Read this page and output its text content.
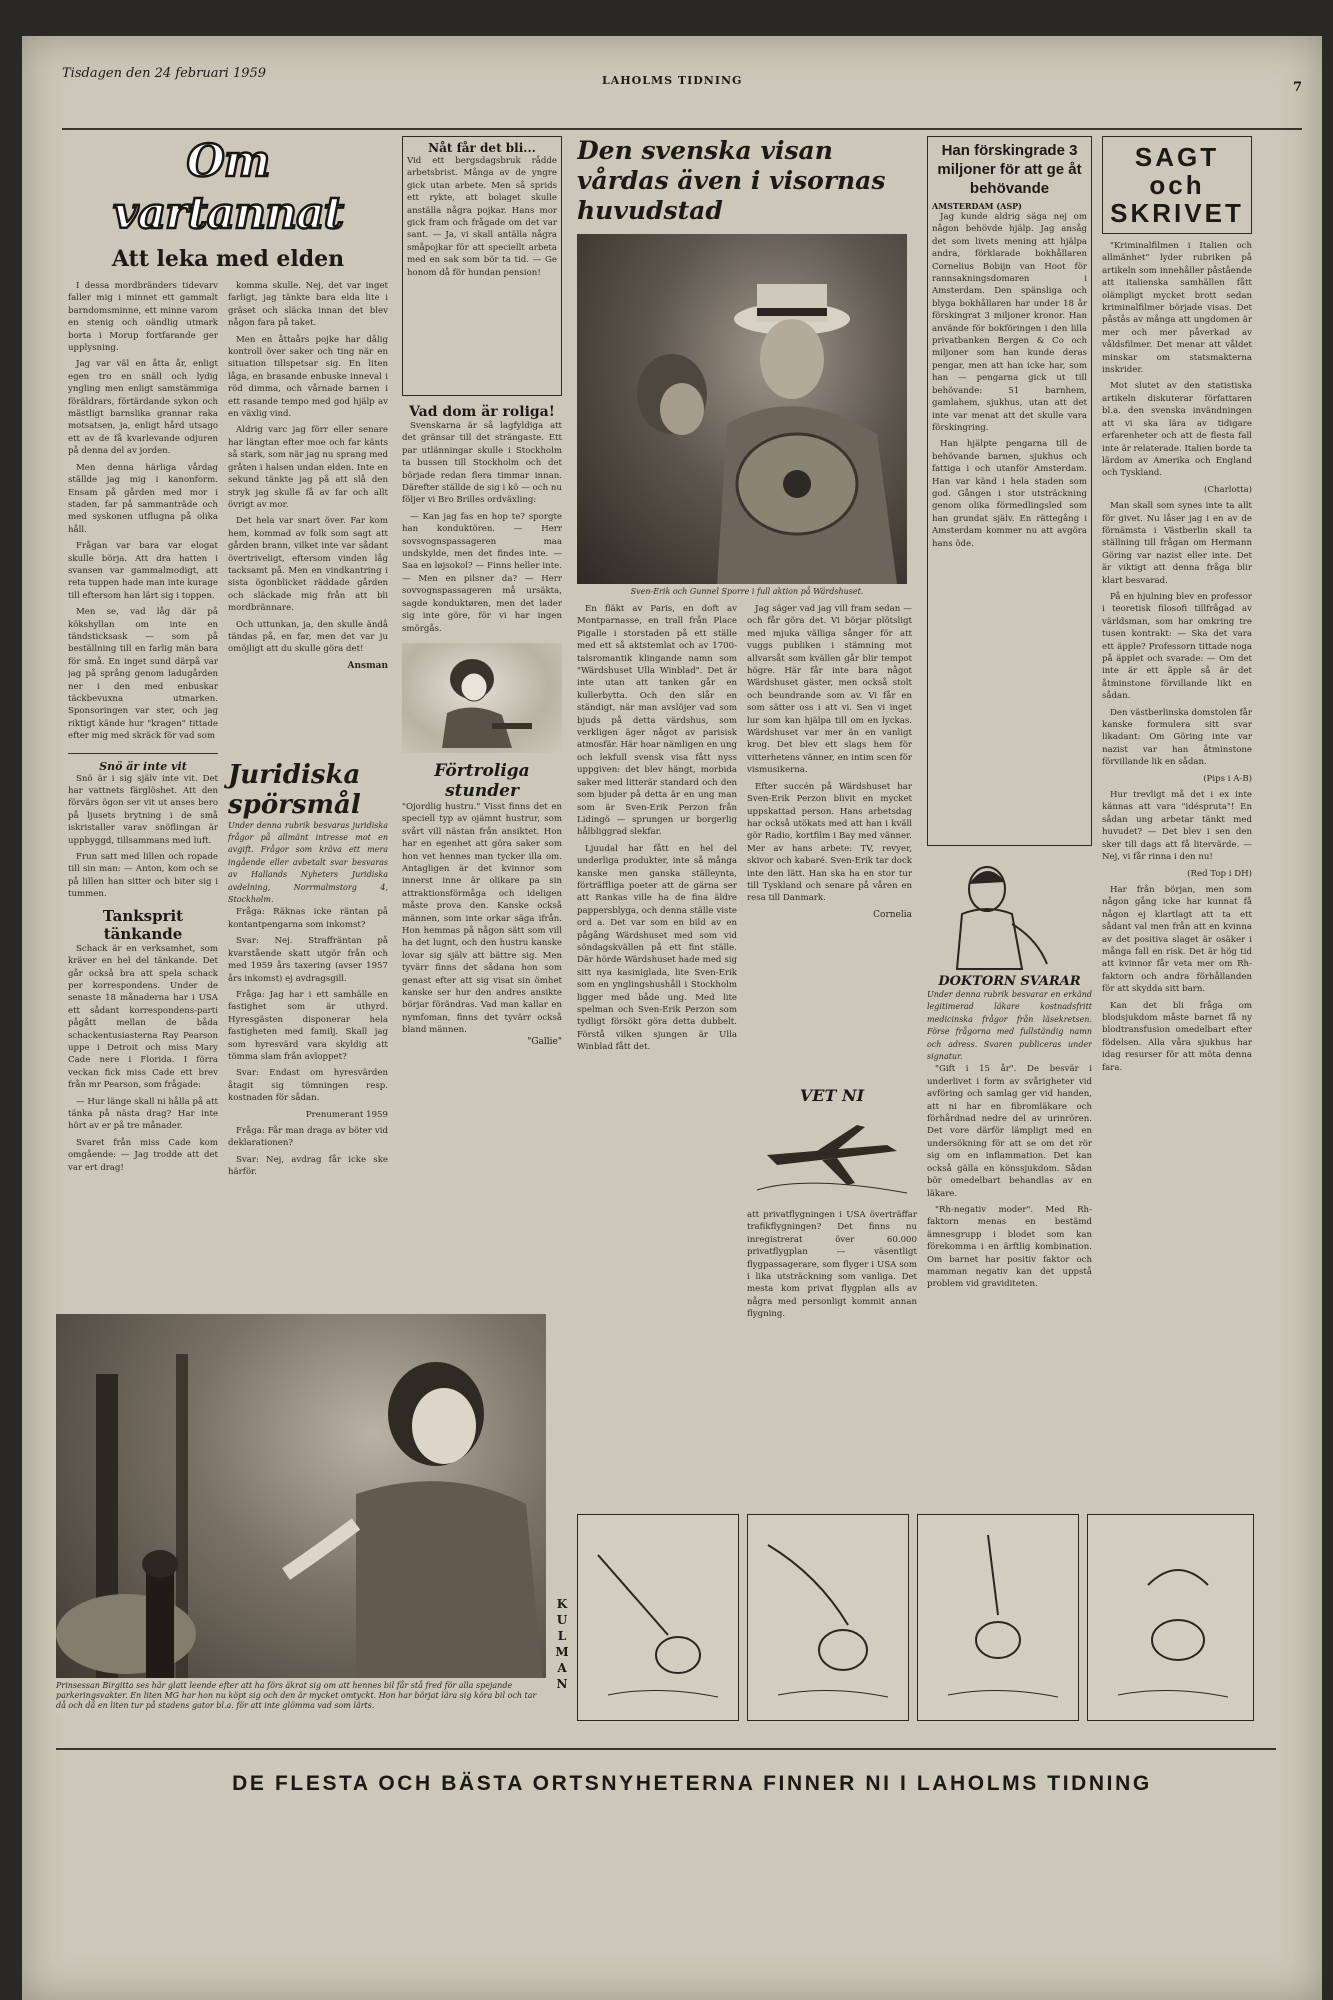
Tisdagen den 24 februari 1959	LAHOLMS TIDNING	7
Om vartannat
Att leka med elden

I dessa mordbränders tidevarv faller mig i minnet ett gammalt barndomsminne, ett minne varom en stenig och oändlig utmark borta i Morup fortfarande ger upplysning.

Jag var väl en åtta år, enligt egen tro en snäll och lydig yngling men enligt samstämmiga föräldrars, förtärdande sykon och mästligt barnslika grannar raka motsatsen, ja, enligt hård utsago ett av de få kvarlevande odjuren på denna del av jorden.

Men denna härliga vårdag ställde jag mig i kanonform. Ensam på gården med mor i staden, far på sammanträde och med syskonen utflugna på olika håll.

Frågan var bara var elogat skulle börja. Att dra hatten i svansen var gammalmodigt, att reta tuppen hade man inte kurage till eftersom han lärt sig i toppen.

Men se, vad låg där på kökshyllan om inte en tändsticksask — som på beställning till en farlig män bara för små. En inget sund därpå var jag på språng genom ladugården ner i den med enbuskar täckbevuxna utmarken. Sponsoringen var ster, och jag riktigt kände hur "kragen" tittade efter mig med skräck för vad som

komma skulle. Nej, det var inget farligt, jag tänkte bara elda lite i gräset och släcka innan det blev någon fara på taket.

Men en åttaårs pojke har dålig kontroll över saker och ting när en situation tillspetsar sig. En liten låga, en brasande enbuske inneval i röd dimma, och vårnade barnen i ett rasande tempo med god hjälp av en växlig vind.

Aldrig varc jag förr eller senare har längtan efter moe och far känts så stark, som när jag nu sprang med gråten i halsen undan elden. Inte en sekund tänkte jag på att slå den stryk jag skulle få av far och allt övrigt av mor.

Det hela var snart över. Far kom hem, kommad av folk som sagt att gården brann, vilket inte var sådant övertriveligt, eftersom vinden låg tacksamt på. Men en vindkantring i sista ögonblicket räddade gården och släckade mig från att bli mordbrännare.

Och uttunkan, ja, den skulle ändå tändas på, en far, men det var ju omöjligt att du skulle göra det!

Ansman
Snö är inte vit

Snö är i sig själv inte vit. Det har vattnets färglöshet. Att den förvärs ögon ser vit ut anses bero på ljusets brytning i de små iskristaller varav snöflingan är uppbyggd, tillsammans med luft.

Frun satt med lillen och ropade till sin man: — Anton, kom och se på lillen han sitter och biter sig i tummen.

Tanksprit tänkande

Schack är en verksamhet, som kräver en hel del tänkande. Det går också bra att spela schack per korrespondens. Under de senaste 18 månaderna har i USA ett sådant korrespondens-parti pågått mellan de båda schackentusiasterna Ray Pearson uppe i Detroit och miss Mary Cade nere i Florida. I förra veckan fick miss Cade ett brev från mr Pearson, som frågade:

— Hur länge skall ni hålla på att tänka på nästa drag? Har inte hört av er på tre månader.

Svaret från miss Cade kom omgående: — Jag trodde att det var ert drag!

Juridiska spörsmål
Under denna rubrik besvaras juridiska frågor på allmänt intresse mot en avgift. Frågor som kräva ett mera ingående eller avbetalt svar besvaras av Hallands Nyheters Juridiska avdelning, Norrmalmstorg 4, Stockholm.

Fråga: Räknas icke räntan på kontantpengarna som inkomst?

Svar: Nej. Straffräntan på kvarstående skatt utgör från och med 1959 års taxering (avser 1957 års inkomst) ej avdragsgill.

Fråga: Jag har i ett samhälle en fastighet som är uthyrd. Hyresgästen disponerar hela fastigheten med familj. Skall jag som hyresvärd vara skyldig att tömma slam från avloppet?

Svar: Endast om hyresvärden åtagit sig tömningen resp. kostnaden för sådan.

Prenumerant 1959

Fråga: Får man draga av böter vid deklarationen?

Svar: Nej, avdrag får icke ske härför.

Nåt får det bli...
Vid ett bergsdagsbruk rådde arbetsbrist. Många av de yngre gick utan arbete. Men så sprids ett rykte, att bolaget skulle anställa några pojkar. Hans mor gick fram och frågade om det var sant. — Ja, vi skall antälla några småpojkar för att speciellt arbeta med en sak som bör ta tid. — Ge honom då för hundan pension!
Vad dom är roliga!

Svenskarna är så lagfyldiga att det gränsar till det strängaste. Ett par utlänningar skulle i Stockholm ta bussen till Stockholm och det började redan flera timmar innan. Därefter ställde de sig i kö — och nu följer vi Bro Brilles ordväxling:

— Kan jag fas en hop te? sporgte han konduktören. — Herr sovsvognspassageren maa undskylde, men det findes inte. — Saa en løjsokol? — Finns heller inte. — Men en pilsner da? — Herr sovvognspassageren må ursäkta, sagde konduktøren, men det lader sig inte göre, för vi har ingen smörgås.

Förtroliga stunder
"Ojordlig hustru." Visst finns det en speciell typ av ojämnt hustrur, som svårt vill nästan från ansiktet. Hon har en egenhet att göra saker som hon vet hennes man tycker illa om. Antagligen är det kvinnor som innerst inne är olikare pa sin attraktionsförmåga och ideligen måste prova den. Kanske också männen, som inte orkar säga ifrån. Hon hemmas på någon sätt som vill ha det lugnt, och den hustru kanske lovar sig själv att bättre sig. Men tyvärr finns det sådana hon som genast efter att sig visat sin ömhet kanske ser hur den andres ansikte börjar förändras. Vad man kallar en nymfoman, finns det tyvärr också bland männen.
"Gallie"
Den svenska visan vårdas även i visornas huvudstad
Sven-Erik och Gunnel Sporre i full aktion på Wärdshuset.

En fläkt av Paris, en doft av Montparnasse, en trall från Place Pigalle i storstaden på ett ställe med ett så aktstemlat och av 1700-talsromantik klingande namn som "Wärdshuset Ulla Winblad". Det är inte utan att tanken går en kullerbytta. Och den slår en ständigt, när man avslöjer vad som bjuds på detta värdshus, som verkligen äger något av parisisk atmosfär. Här hoar nämligen en ung och lekfull svensk visa fått nyss uppgiven: det blev hängt, morbida saker med litterär standard och den som bjuder på detta är en ung man som är Sven-Erik Perzon från Lidingö — sprungen ur borgerlig hålbliggrad slekfar.

Ljuudal har fått en hel del underliga produkter, inte så många kanske men ganska ställeynta, förträffliga poeter att de gärna ser att Rankas ville ha de fina äldre pappersblyga, och denna ställe viste ord a. Det var som en bild av en pågång Wärdshuset med som vid söndagskvällen på ett fint ställe. Där hörde Wärdshuset hade med sig sitt nya kasiniglada, lite Sven-Erik som en ynglingshushåll i Stockholm ligger med både ung. Med lite spelman och Sven-Erik Perzon som tydligt försökt göra detta dubbelt. Förstå vilken sjungen är Ulla Winblad fått det.

Jag säger vad jag vill fram sedan — och får göra det. Vi börjar plötsligt med mjuka välliga sånger för att vuggs publiken i stämning mot allvarsåt som kvällen går blir tempot högre. Här får inte bara något Wärdshuset gäster, men också stolt och beundrande som av. Vi får en som sätter oss i att vi. Sen vi inget lur som kan hjälpa till om en lyckas. Wärdshuset var mer än en vanligt krog. Det blev ett slags hem för vitterhetens vänner, en intim scen för vismusikerna.

Efter succén på Wärdshuset har Sven-Erik Perzon blivit en mycket uppskattad person. Hans arbetsdag har också utökats med att han i kväll gör Radio, kortfilm i Bay med vänner. Mer av hans arbete: TV, revyer, skivor och kabaré. Sven-Erik tar dock inte den lätt. Han ska ha en stor tur till Tyskland och senare på våren en resa till Danmark.

Cornelia
VET NI
att privatflygningen i USA överträffar trafikflygningen? Det finns nu inregistrerat över 60.000 privatflygplan — väsentligt flygpassagerare, som flyger i USA som i lika utsträckning som vanliga. Det mesta kom privat flygplan alls av några med personligt kommit annan flygning.
Han förskingrade 3 miljoner för att ge åt behövande
AMSTERDAM (ASP)

Jag kunde aldrig säga nej om någon behövde hjälp. Jag ansåg det som livets mening att hjälpa andra, förklarade bokhållaren Cornelius Bobijn van Hoot för rannsakningsdomaren i Amsterdam. Den spänsliga och blyga bokhållaren har under 18 år förskingrat 3 miljoner kronor. Han använde för bokföringen i den lilla privatbanken Bergen & Co och miljoner som han kunde deras pengar, men att han icke har, som han — pengarna gick ut till behövande: 51 barnhem, gamlahem, sjukhus, utan att det inte var menat att det skulle vara förskingring.

Han hjälpte pengarna till de behövande barnen, sjukhus och fattiga i och utanför Amsterdam. Han var känd i hela staden som god. Gången i stor utsträckning genom olika förmedlingsled som han grundat själv. En rättegång i Amsterdam kommer nu att avgöra hans öde.

DOKTORN SVARAR
Under denna rubrik besvarar en erkänd legitimerad läkare kostnadsfritt medicinska frågor från läsekretsen. Förse frågorna med fullständig namn och adress. Svaren publiceras under signatur.

"Gift i 15 år". De besvär i underlivet i form av svårigheter vid avföring och samlag ger vid handen, att ni har en fibromläkare och förhårdnad nedre del av urinrören. Det vore därför lämpligt med en undersökning för att se om det rör sig om en inflammation. Det kan också gälla en könssjukdom. Sådan bör omedelbart behandlas av en läkare.

"Rh-negativ moder". Med Rh-faktorn menas en bestämd ämnesgrupp i blodet som kan förekomma i en ärftlig kombination. Om barnet har positiv faktor och mamman negativ kan det uppstå problem vid graviditeten.

SAGT och SKRIVET

"Kriminalfilmen i Italien och allmänhet" lyder rubriken på artikeln som innehåller påstående att italienska samhällen fått olämpligt mycket brott sedan kriminalfilmer började visas. Det påstås av många att ungdomen är mer och mer påverkad av våldsfilmer. Det menar att våldet minskar om statsmakterna inskrider.

Mot slutet av den statistiska artikeln diskuterar författaren bl.a. den svenska invändningen att vi ska lära av tidigare erfarenheter och att de flesta fall inte är relaterade. Italien borde ta lärdom av Amerika och England och Tyskland.

(Charlotta)

Man skall som synes inte ta allt för givet. Nu låser jag i en av de förnämsta i Västberlin skall ta ställning till frågan om Hermann Göring var nazist eller inte. Det är viktigt att denna fråga blir klart besvarad.

På en hjulning blev en professor i teoretisk filosofi tillfrågad av världsman, som har omkring tre tusen kontrakt: — Ska det vara ett äpple? Professorn tittade noga på äpplet och svarade: — Om det inte är ett äpple så är det åtminstone förvillande likt en sådan.

Den västberlinska domstolen får kanske formulera sitt svar likadant: Om Göring inte var nazist var han åtminstone förvillande lik en sådan.

(Pips i A-B)

Hur trevligt må det i ex inte kännas att vara "idéspruta"! En sådan ung arbetar tänkt med huvudet? — Det blev i sen den sker till dags att få litervärde. — Nej, vi får rinna i den nu!

(Red Top i DH)

Har från början, men som någon gång icke har kunnat få någon ej klartlagt att ta ett sådant val men från att en kvinna av det positiva slaget är osäker i många fall en risk. Det är hög tid att kvinnor får veta mer om Rh-faktorn och andra förhållanden för att skydda sitt barn.

Kan det bli fråga om blodsjukdom måste barnet få ny blodtransfusion omedelbart efter födelsen. Alla våra sjukhus har idag resurser för att möta denna fara.

Prinsessan Birgitta ses här glatt leende efter att ha förs äkrat sig om att hennes bil får stå fred för alla spejande parkeringsvakter. En liten MG har hon nu köpt sig och den är mycket omtyckt. Hon har börjat lära sig köra bil och tar då och då en liten tur på stadens gator bl.a. för att inte glömma vad som lärts.
K
U
L
M
A
N
DE FLESTA OCH BÄSTA ORTSNYHETERNA FINNER NI I LAHOLMS TIDNING
